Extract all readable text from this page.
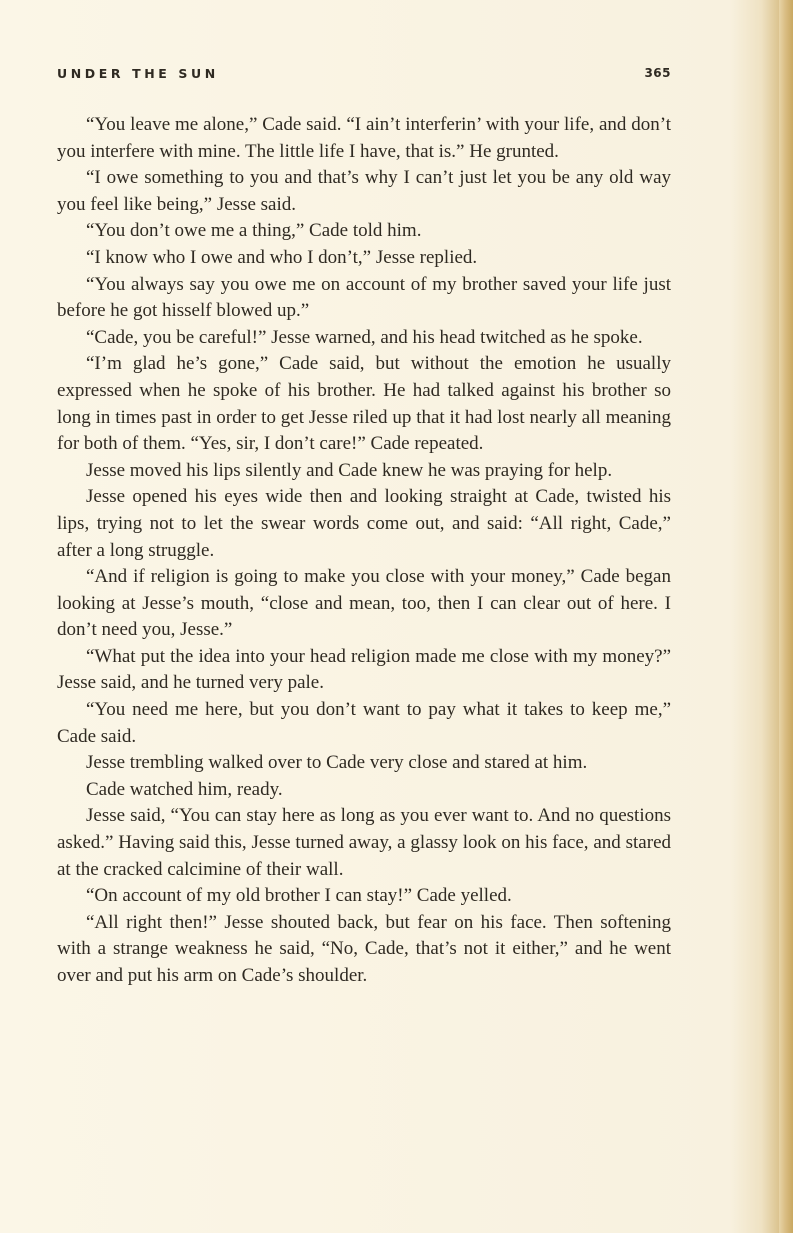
UNDER THE SUN	365

“You leave me alone,” Cade said. “I ain’t interferin’ with your life, and don’t you interfere with mine. The little life I have, that is.” He grunted.

“I owe something to you and that’s why I can’t just let you be any old way you feel like being,” Jesse said.

“You don’t owe me a thing,” Cade told him.

“I know who I owe and who I don’t,” Jesse replied.

“You always say you owe me on account of my brother saved your life just before he got hisself blowed up.”

“Cade, you be careful!” Jesse warned, and his head twitched as he spoke.

“I’m glad he’s gone,” Cade said, but without the emotion he usually expressed when he spoke of his brother. He had talked against his brother so long in times past in order to get Jesse riled up that it had lost nearly all meaning for both of them. “Yes, sir, I don’t care!” Cade repeated.

Jesse moved his lips silently and Cade knew he was praying for help.

Jesse opened his eyes wide then and looking straight at Cade, twisted his lips, trying not to let the swear words come out, and said: “All right, Cade,” after a long struggle.

“And if religion is going to make you close with your money,” Cade began looking at Jesse’s mouth, “close and mean, too, then I can clear out of here. I don’t need you, Jesse.”

“What put the idea into your head religion made me close with my money?” Jesse said, and he turned very pale.

“You need me here, but you don’t want to pay what it takes to keep me,” Cade said.

Jesse trembling walked over to Cade very close and stared at him.

Cade watched him, ready.

Jesse said, “You can stay here as long as you ever want to. And no questions asked.” Having said this, Jesse turned away, a glassy look on his face, and stared at the cracked calcimine of their wall.

“On account of my old brother I can stay!” Cade yelled.

“All right then!” Jesse shouted back, but fear on his face. Then softening with a strange weakness he said, “No, Cade, that’s not it either,” and he went over and put his arm on Cade’s shoulder.
